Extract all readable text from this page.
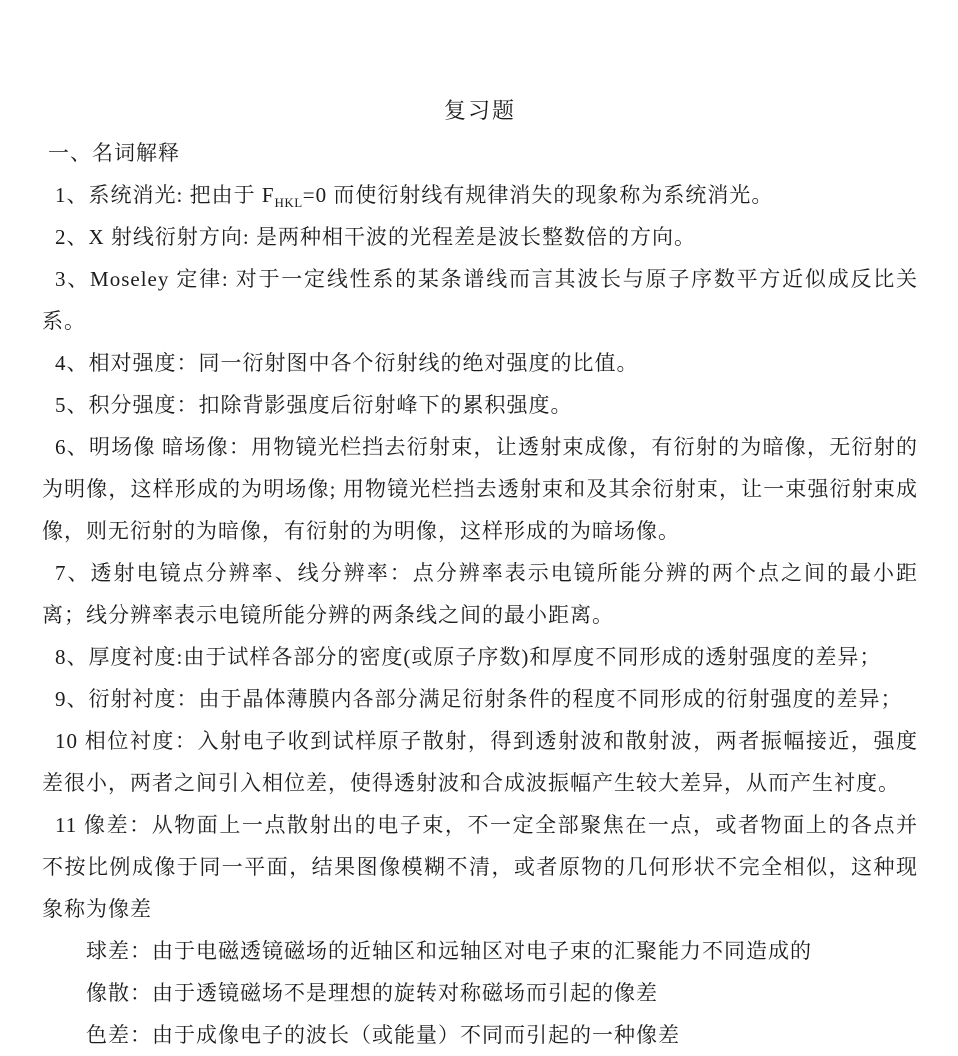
复习题

一、名词解释

1、系统消光: 把由于 $F_{HKL}=0$ 而使衍射线有规律消失的现象称为系统消光。

2、X 射线衍射方向: 是两种相干波的光程差是波长整数倍的方向。

3、Moseley 定律: 对于一定线性系的某条谱线而言其波长与原子序数平方近似成反比关系。

4、相对强度：同一衍射图中各个衍射线的绝对强度的比值。

5、积分强度：扣除背影强度后衍射峰下的累积强度。

6、明场像 暗场像：用物镜光栏挡去衍射束，让透射束成像，有衍射的为暗像，无衍射的为明像，这样形成的为明场像; 用物镜光栏挡去透射束和及其余衍射束，让一束强衍射束成像，则无衍射的为暗像，有衍射的为明像，这样形成的为暗场像。

7、透射电镜点分辨率、线分辨率：点分辨率表示电镜所能分辨的两个点之间的最小距离；线分辨率表示电镜所能分辨的两条线之间的最小距离。

8、厚度衬度:由于试样各部分的密度(或原子序数)和厚度不同形成的透射强度的差异；

9、衍射衬度：由于晶体薄膜内各部分满足衍射条件的程度不同形成的衍射强度的差异；

10 相位衬度：入射电子收到试样原子散射，得到透射波和散射波，两者振幅接近，强度差很小，两者之间引入相位差，使得透射波和合成波振幅产生较大差异，从而产生衬度。

11 像差：从物面上一点散射出的电子束，不一定全部聚焦在一点，或者物面上的各点并不按比例成像于同一平面，结果图像模糊不清，或者原物的几何形状不完全相似，这种现象称为像差

球差：由于电磁透镜磁场的近轴区和远轴区对电子束的汇聚能力不同造成的

像散：由于透镜磁场不是理想的旋转对称磁场而引起的像差

色差：由于成像电子的波长（或能量）不同而引起的一种像差
